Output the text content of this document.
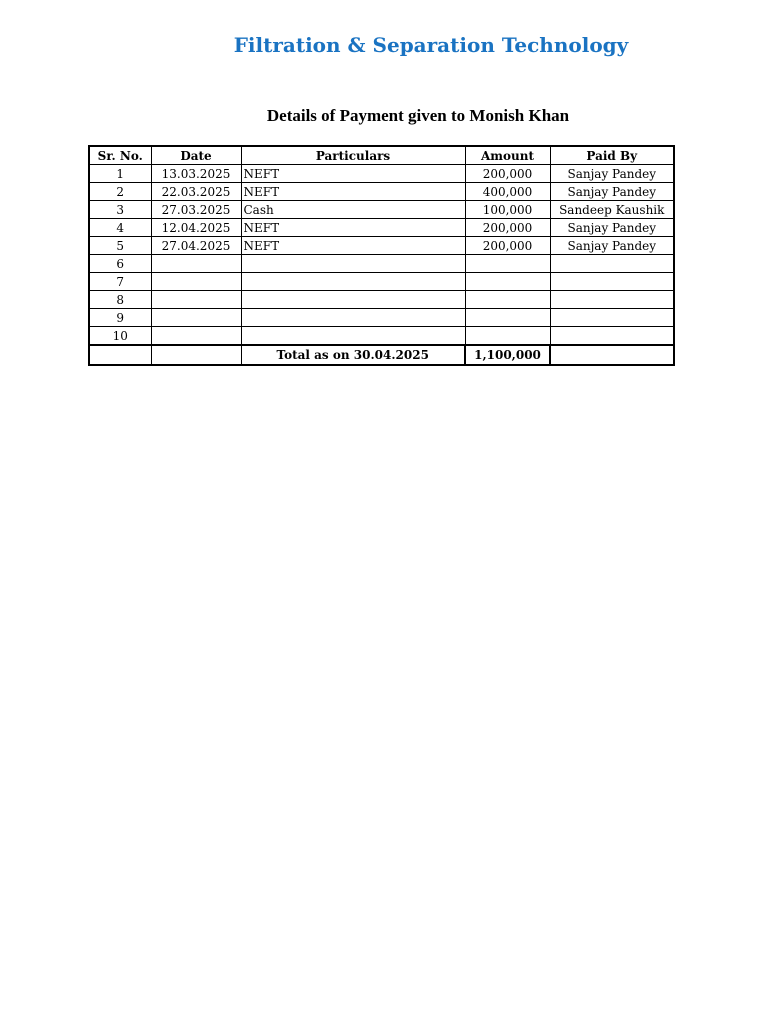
Filtration & Separation Technology
Details of Payment given to Monish Khan
Sr. No.	Date	Particulars	Amount	Paid By
1	13.03.2025	NEFT	200,000	Sanjay Pandey
2	22.03.2025	NEFT	400,000	Sanjay Pandey
3	27.03.2025	Cash	100,000	Sandeep Kaushik
4	12.04.2025	NEFT	200,000	Sanjay Pandey
5	27.04.2025	NEFT	200,000	Sanjay Pandey
6				
7				
8				
9				
10				
		Total as on 30.04.2025	1,100,000	
